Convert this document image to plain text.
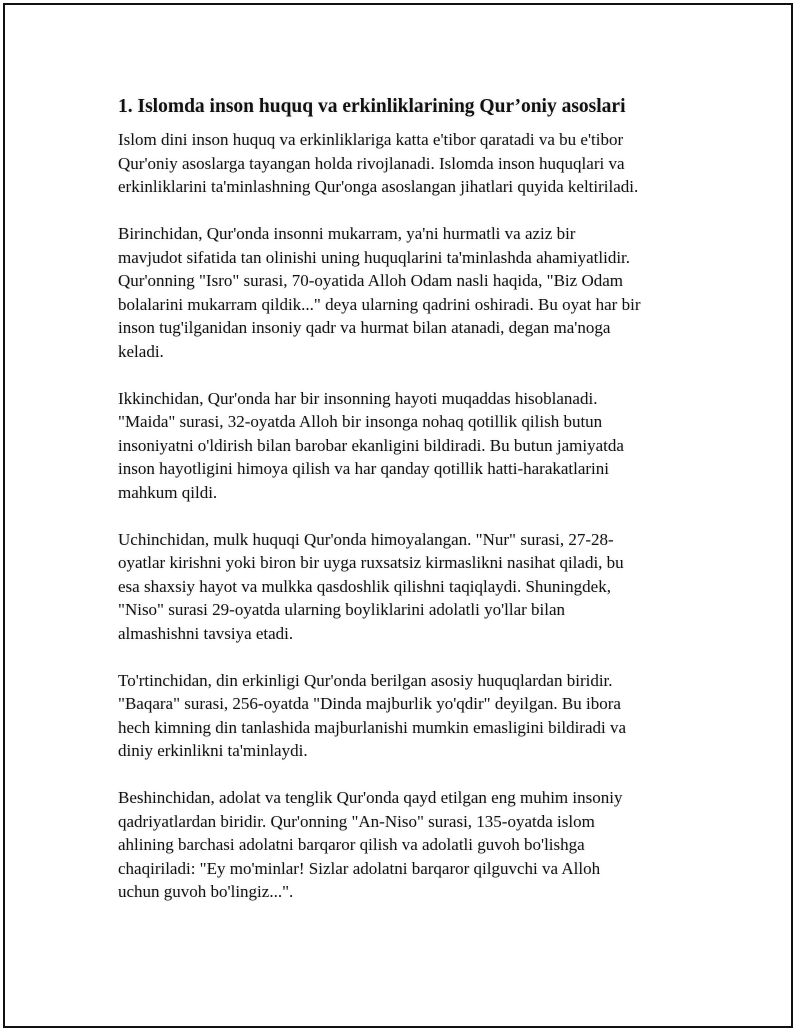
1. Islomda inson huquq va erkinliklarining Qur’oniy asoslari
Islom dini inson huquq va erkinliklariga katta e'tibor qaratadi va bu e'tibor
Qur'oniy asoslarga tayangan holda rivojlanadi. Islomda inson huquqlari va
erkinliklarini ta'minlashning Qur'onga asoslangan jihatlari quyida keltiriladi.
Birinchidan, Qur'onda insonni mukarram, ya'ni hurmatli va aziz bir
mavjudot sifatida tan olinishi uning huquqlarini ta'minlashda ahamiyatlidir.
Qur'onning "Isro" surasi, 70-oyatida Alloh Odam nasli haqida, "Biz Odam
bolalarini mukarram qildik..." deya ularning qadrini oshiradi. Bu oyat har bir
inson tug'ilganidan insoniy qadr va hurmat bilan atanadi, degan ma'noga
keladi.
Ikkinchidan, Qur'onda har bir insonning hayoti muqaddas hisoblanadi.
"Maida" surasi, 32-oyatda Alloh bir insonga nohaq qotillik qilish butun
insoniyatni o'ldirish bilan barobar ekanligini bildiradi. Bu butun jamiyatda
inson hayotligini himoya qilish va har qanday qotillik hatti-harakatlarini
mahkum qildi.
Uchinchidan, mulk huquqi Qur'onda himoyalangan. "Nur" surasi, 27-28-
oyatlar kirishni yoki biron bir uyga ruxsatsiz kirmaslikni nasihat qiladi, bu
esa shaxsiy hayot va mulkka qasdoshlik qilishni taqiqlaydi. Shuningdek,
"Niso" surasi 29-oyatda ularning boyliklarini adolatli yo'llar bilan
almashishni tavsiya etadi.
To'rtinchidan, din erkinligi Qur'onda berilgan asosiy huquqlardan biridir.
"Baqara" surasi, 256-oyatda "Dinda majburlik yo'qdir" deyilgan. Bu ibora
hech kimning din tanlashida majburlanishi mumkin emasligini bildiradi va
diniy erkinlikni ta'minlaydi.
Beshinchidan, adolat va tenglik Qur'onda qayd etilgan eng muhim insoniy
qadriyatlardan biridir. Qur'onning "An-Niso" surasi, 135-oyatda islom
ahlining barchasi adolatni barqaror qilish va adolatli guvoh bo'lishga
chaqiriladi: "Ey mo'minlar! Sizlar adolatni barqaror qilguvchi va Alloh
uchun guvoh bo'lingiz...".
